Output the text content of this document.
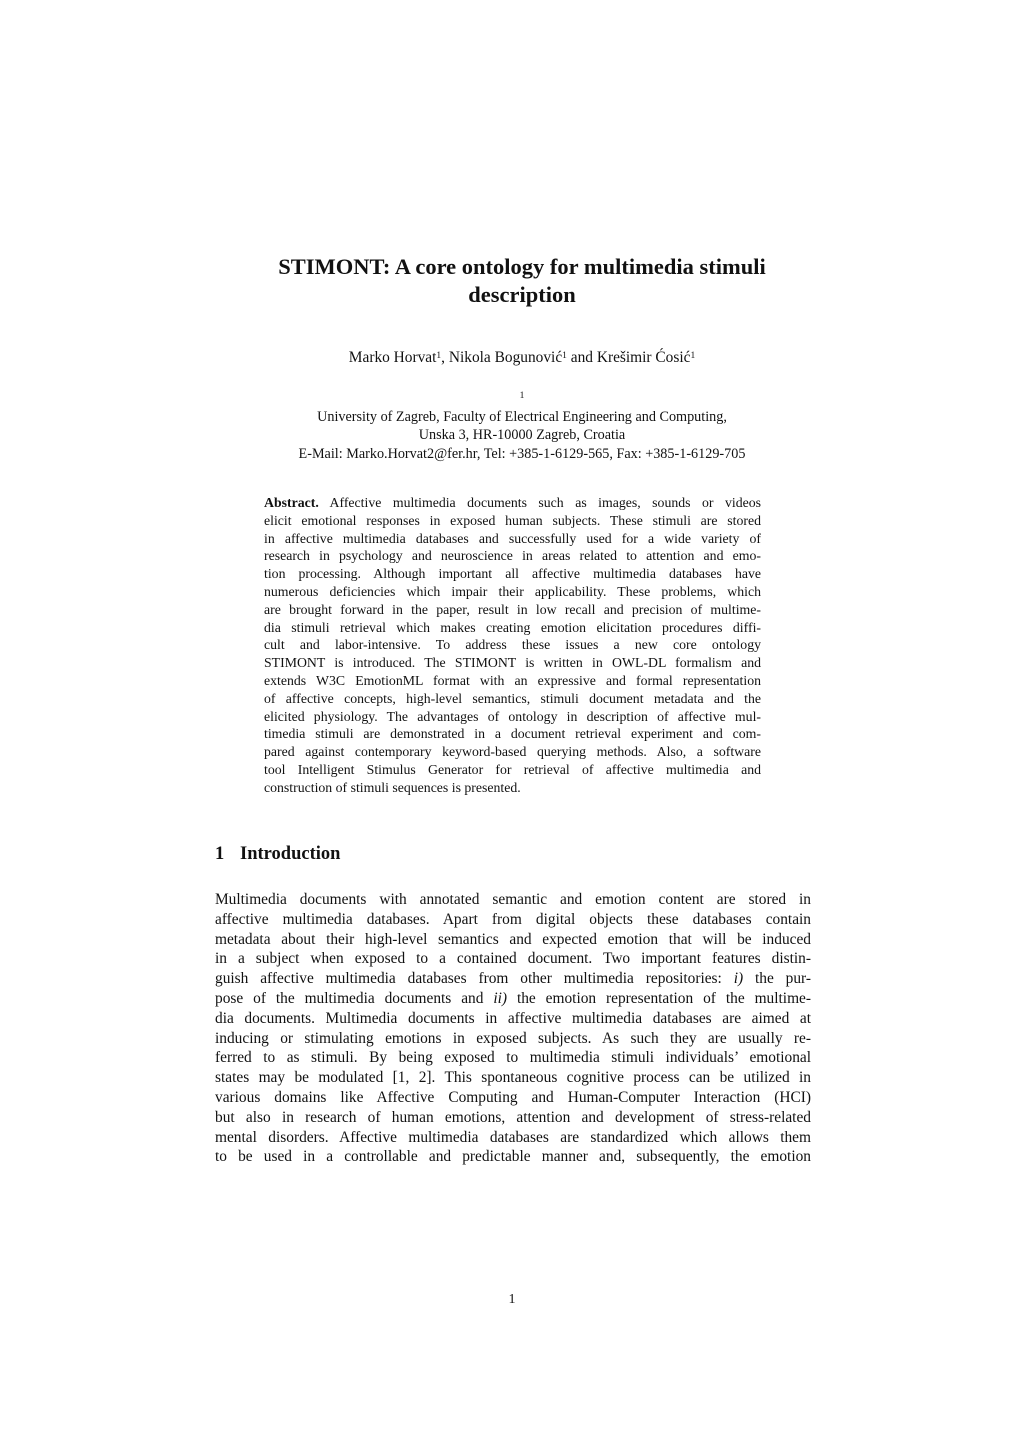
STIMONT: A core ontology for multimedia stimuli
description
Marko Horvat$^1$, Nikola Bogunović$^1$ and Krešimir Ćosić$^1$
$^1$
University of Zagreb, Faculty of Electrical Engineering and Computing,
Unska 3, HR-10000 Zagreb, Croatia
E-Mail: Marko.Horvat2@fer.hr, Tel: +385-1-6129-565, Fax: +385-1-6129-705
Abstract. Affective multimedia documents such as images, sounds or videos
elicit emotional responses in exposed human subjects. These stimuli are stored
in affective multimedia databases and successfully used for a wide variety of
research in psychology and neuroscience in areas related to attention and emo-
tion processing. Although important all affective multimedia databases have
numerous deficiencies which impair their applicability. These problems, which
are brought forward in the paper, result in low recall and precision of multime-
dia stimuli retrieval which makes creating emotion elicitation procedures diffi-
cult and labor-intensive. To address these issues a new core ontology
STIMONT is introduced. The STIMONT is written in OWL-DL formalism and
extends W3C EmotionML format with an expressive and formal representation
of affective concepts, high-level semantics, stimuli document metadata and the
elicited physiology. The advantages of ontology in description of affective mul-
timedia stimuli are demonstrated in a document retrieval experiment and com-
pared against contemporary keyword-based querying methods. Also, a software
tool Intelligent Stimulus Generator for retrieval of affective multimedia and
construction of stimuli sequences is presented.
1 Introduction
Multimedia documents with annotated semantic and emotion content are stored in
affective multimedia databases. Apart from digital objects these databases contain
metadata about their high-level semantics and expected emotion that will be induced
in a subject when exposed to a contained document. Two important features distin-
guish affective multimedia databases from other multimedia repositories: i) the pur-
pose of the multimedia documents and ii) the emotion representation of the multime-
dia documents. Multimedia documents in affective multimedia databases are aimed at
inducing or stimulating emotions in exposed subjects. As such they are usually re-
ferred to as stimuli. By being exposed to multimedia stimuli individuals’ emotional
states may be modulated [1, 2]. This spontaneous cognitive process can be utilized in
various domains like Affective Computing and Human-Computer Interaction (HCI)
but also in research of human emotions, attention and development of stress-related
mental disorders. Affective multimedia databases are standardized which allows them
to be used in a controllable and predictable manner and, subsequently, the emotion
1
